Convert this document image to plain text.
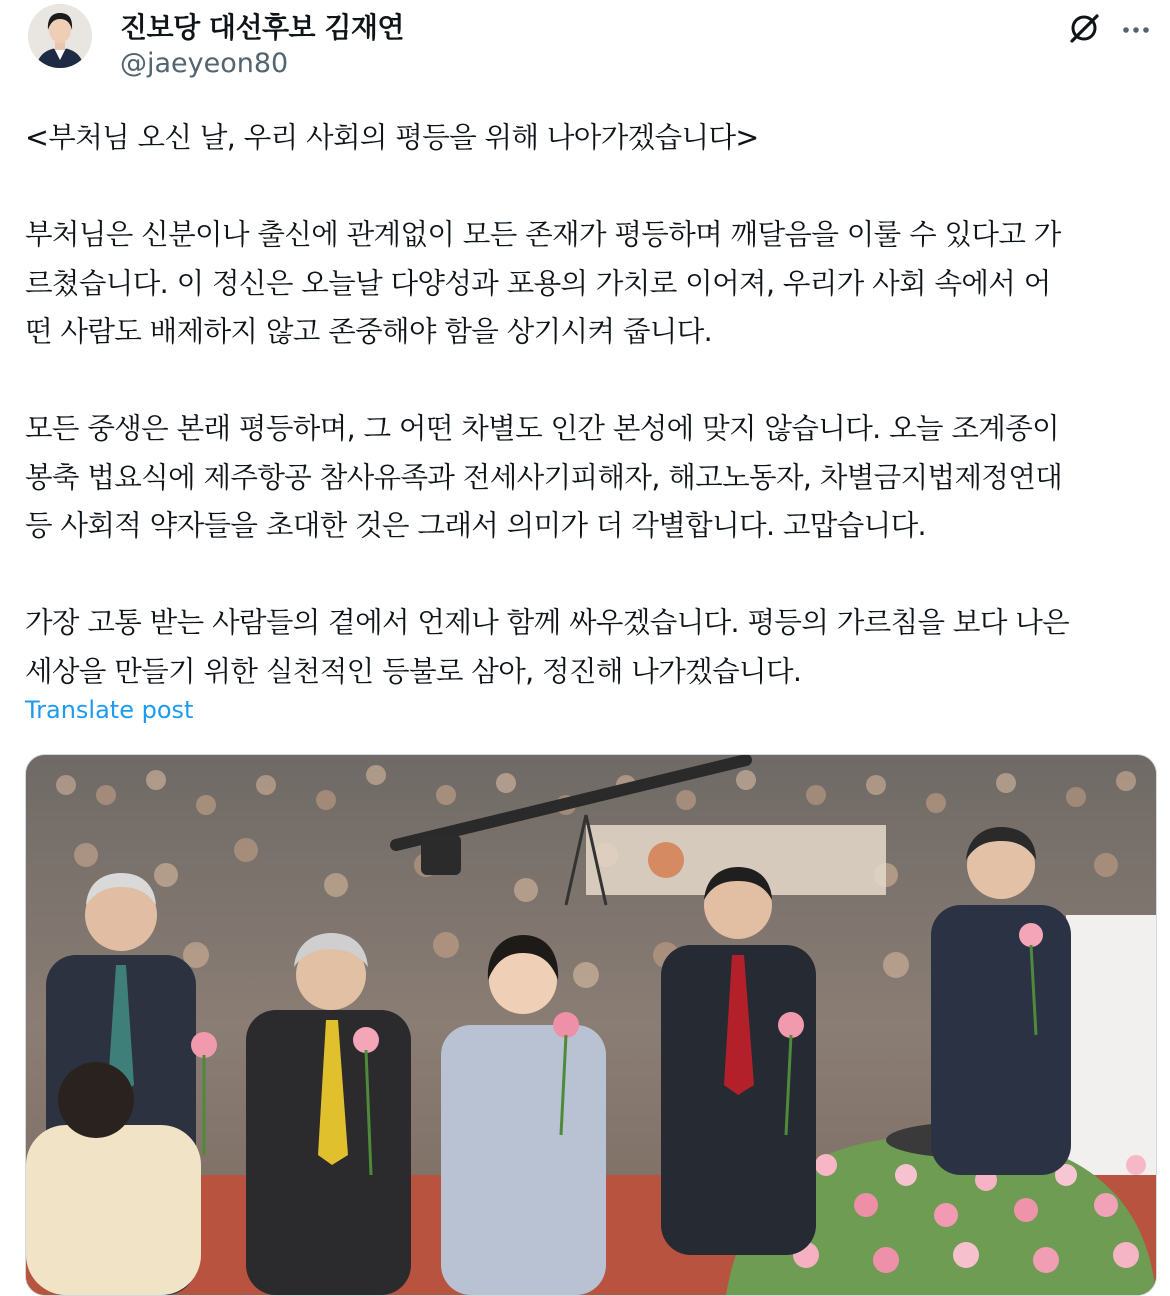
진보당 대선후보 김재연
@jaeyeon80

<부처님 오신 날, 우리 사회의 평등을 위해 나아가겠습니다>

부처님은 신분이나 출신에 관계없이 모든 존재가 평등하며 깨달음을 이룰 수 있다고 가
르쳤습니다. 이 정신은 오늘날 다양성과 포용의 가치로 이어져, 우리가 사회 속에서 어
떤 사람도 배제하지 않고 존중해야 함을 상기시켜 줍니다.

모든 중생은 본래 평등하며, 그 어떤 차별도 인간 본성에 맞지 않습니다. 오늘 조계종이
봉축 법요식에 제주항공 참사유족과 전세사기피해자, 해고노동자, 차별금지법제정연대
등 사회적 약자들을 초대한 것은 그래서 의미가 더 각별합니다. 고맙습니다.

가장 고통 받는 사람들의 곁에서 언제나 함께 싸우겠습니다. 평등의 가르침을 보다 나은
세상을 만들기 위한 실천적인 등불로 삼아, 정진해 나가겠습니다.

Translate post
